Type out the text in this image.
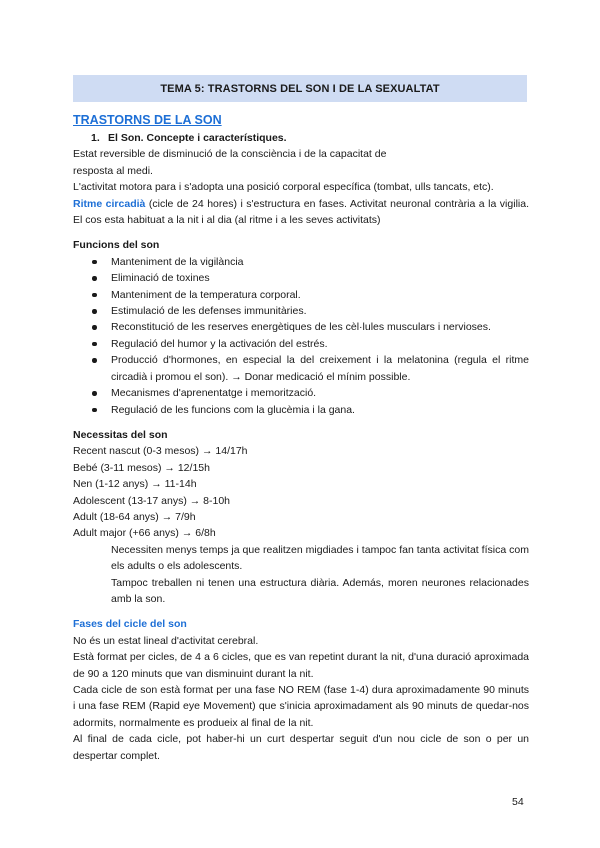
TEMA 5: TRASTORNS DEL SON I DE LA SEXUALTAT
TRASTORNS DE LA SON
1. El Son. Concepte i característiques.

Estat reversible de disminució de la consciència i de la capacitat de resposta al medi.

L'activitat motora para i s'adopta una posició corporal específica (tombat, ulls tancats, etc).

Ritme circadià (cicle de 24 hores) i s'estructura en fases. Activitat neuronal contrària a la vigilia. El cos esta habituat a la nit i al dia (al ritme i a les seves activitats)

Funcions del son
Manteniment de la vigilància
Eliminació de toxines
Manteniment de la temperatura corporal.
Estimulació de les defenses immunitàries.
Reconstitució de les reserves energètiques de les cèl·lules musculars i nervioses.
Regulació del humor y la activación del estrés.
Producció d'hormones, en especial la del creixement i la melatonina (regula el ritme circadià i promou el son). → Donar medicació el mínim possible.
Mecanismes d'aprenentatge i memorització.
Regulació de les funcions com la glucèmia i la gana.
Necessitas del son
Recent nascut (0-3 mesos) → 14/17h
Bebé (3-11 mesos) → 12/15h
Nen (1-12 anys) → 11-14h
Adolescent (13-17 anys) → 8-10h
Adult (18-64 anys) → 7/9h
Adult major (+66 anys) → 6/8h

Necessiten menys temps ja que realitzen migdiades i tampoc fan tanta activitat física com els adults o els adolescents.

Tampoc treballen ni tenen una estructura diària. Además, moren neurones relacionades amb la son.

Fases del cicle del son

No és un estat lineal d'activitat cerebral.

Està format per cicles, de 4 a 6 cicles, que es van repetint durant la nit, d'una duració aproximada de 90 a 120 minuts que van disminuint durant la nit.

Cada cicle de son està format per una fase NO REM (fase 1-4) dura aproximadamente 90 minuts i una fase REM (Rapid eye Movement) que s'inicia aproximadament als 90 minuts de quedar-nos adormits, normalmente es produeix al final de la nit.

Al final de cada cicle, pot haber-hi un curt despertar seguit d'un nou cicle de son o per un despertar complet.

54
